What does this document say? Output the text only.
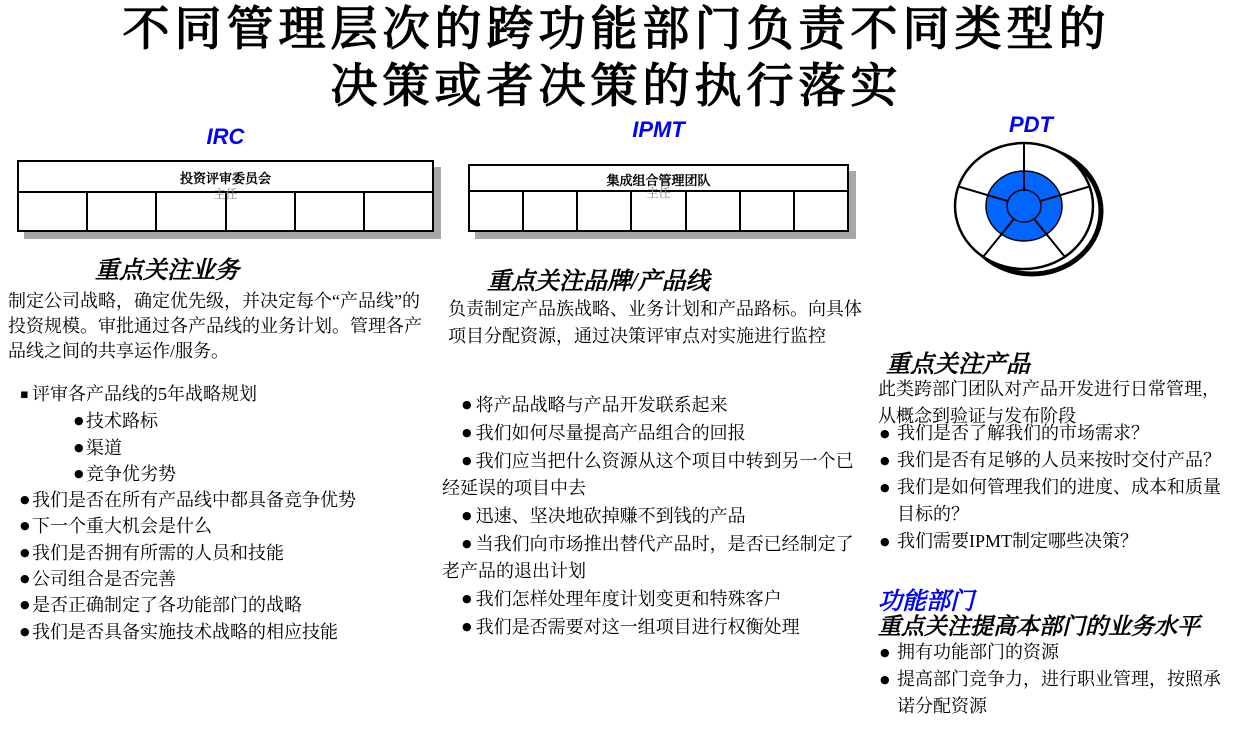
不同管理层次的跨功能部门负责不同类型的
决策或者决策的执行落实
IRC	IPMT	PDT
投资评审委员会
主任
集成组合管理团队
主任
重点关注业务
制定公司战略，确定优先级，并决定每个“产品线”的投资规模。审批通过各产品线的业务计划。管理各产品线之间的共享运作/服务。
▪ 评审各产品线的5年战略规划
● 技术路标
● 渠道
● 竞争优劣势
● 我们是否在所有产品线中都具备竞争优势
● 下一个重大机会是什么
● 我们是否拥有所需的人员和技能
● 公司组合是否完善
● 是否正确制定了各功能部门的战略
● 我们是否具备实施技术战略的相应技能
重点关注品牌/产品线
负责制定产品族战略、业务计划和产品路标。向具体项目分配资源，通过决策评审点对实施进行监控
● 将产品战略与产品开发联系起来
● 我们如何尽量提高产品组合的回报
● 我们应当把什么资源从这个项目中转到另一个已经延误的项目中去
● 迅速、坚决地砍掉赚不到钱的产品
● 当我们向市场推出替代产品时，是否已经制定了老产品的退出计划
● 我们怎样处理年度计划变更和特殊客户
● 我们是否需要对这一组项目进行权衡处理
重点关注产品
此类跨部门团队对产品开发进行日常管理，从概念到验证与发布阶段
● 我们是否了解我们的市场需求？
● 我们是否有足够的人员来按时交付产品？
● 我们是如何管理我们的进度、成本和质量目标的？
● 我们需要IPMT制定哪些决策？
功能部门
重点关注提高本部门的业务水平
● 拥有功能部门的资源
● 提高部门竞争力，进行职业管理，按照承诺分配资源
